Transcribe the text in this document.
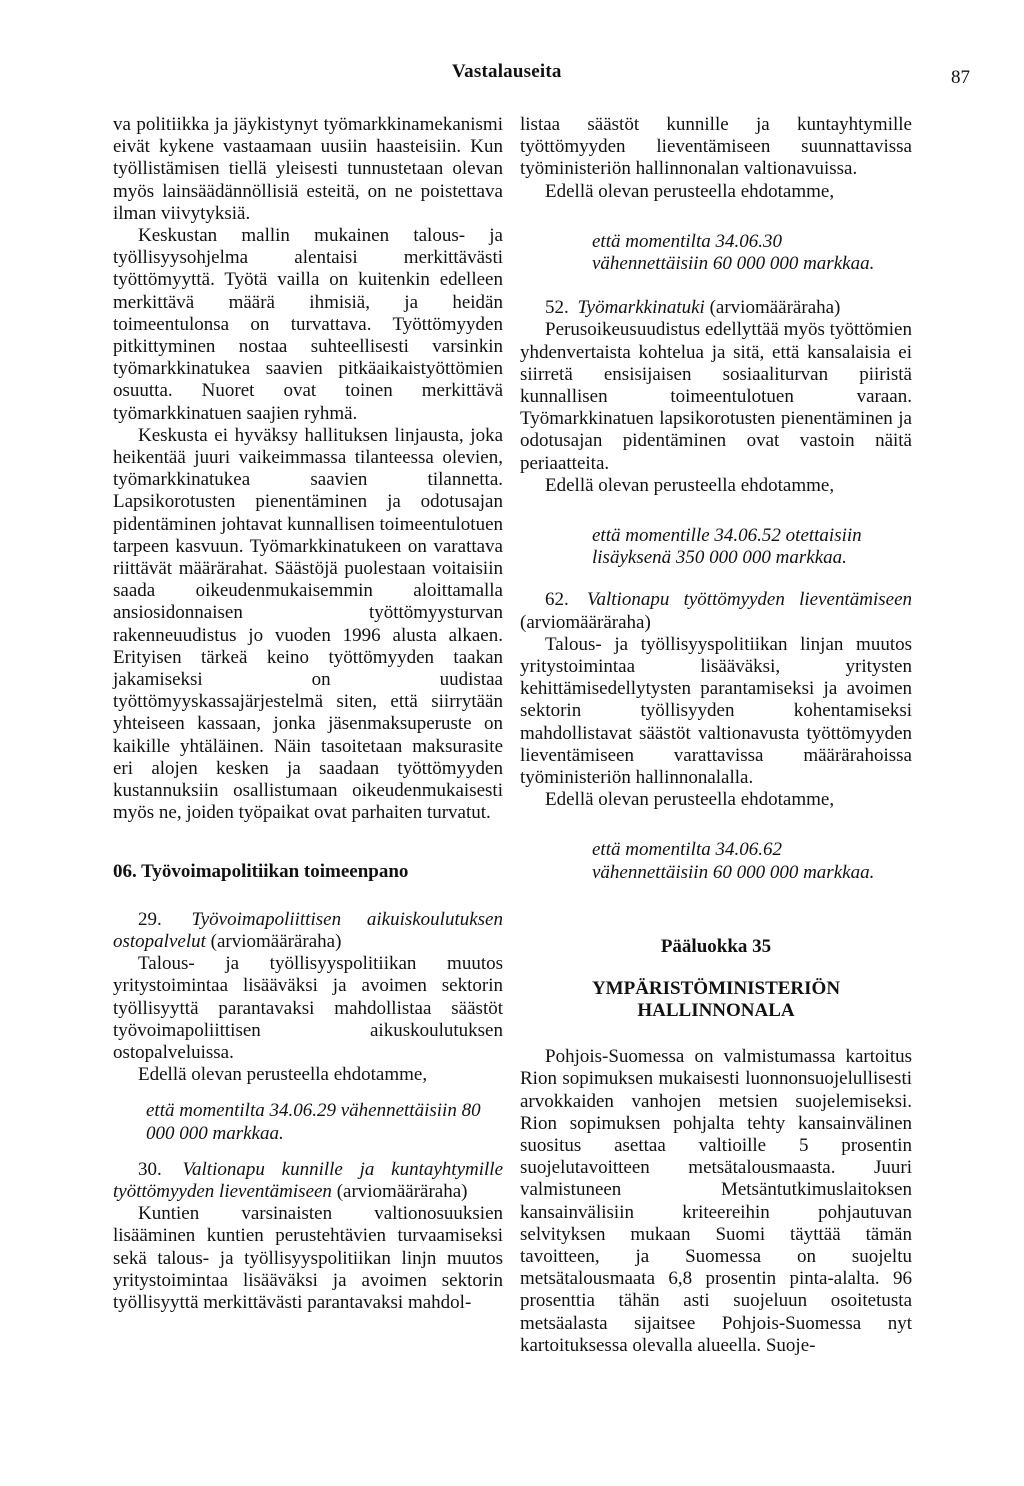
Vastalauseita	87

va politiikka ja jäykistynyt työmarkkinamekanismi eivät kykene vastaamaan uusiin haasteisiin. Kun työllistämisen tiellä yleisesti tunnustetaan olevan myös lainsäädännöllisiä esteitä, on ne poistettava ilman viivytyksiä.

Keskustan mallin mukainen talous- ja työllisyysohjelma alentaisi merkittävästi työttömyyttä. Työtä vailla on kuitenkin edelleen merkittävä määrä ihmisiä, ja heidän toimeentulonsa on turvattava. Työttömyyden pitkittyminen nostaa suhteellisesti varsinkin työmarkkinatukea saavien pitkäaikaistyöttömien osuutta. Nuoret ovat toinen merkittävä työmarkkinatuen saajien ryhmä.

Keskusta ei hyväksy hallituksen linjausta, joka heikentää juuri vaikeimmassa tilanteessa olevien, työmarkkinatukea saavien tilannetta. Lapsikorotusten pienentäminen ja odotusajan pidentäminen johtavat kunnallisen toimeentulotuen tarpeen kasvuun. Työmarkkinatukeen on varattava riittävät määrärahat. Säästöjä puolestaan voitaisiin saada oikeudenmukaisemmin aloittamalla ansiosidonnaisen työttömyysturvan rakenneuudistus jo vuoden 1996 alusta alkaen. Erityisen tärkeä keino työttömyyden taakan jakamiseksi on uudistaa työttömyyskassajärjestelmä siten, että siirrytään yhteiseen kassaan, jonka jäsenmaksuperuste on kaikille yhtäläinen. Näin tasoitetaan maksurasite eri alojen kesken ja saadaan työttömyyden kustannuksiin osallistumaan oikeudenmukaisesti myös ne, joiden työpaikat ovat parhaiten turvatut.

06. Työvoimapolitiikan toimeenpano

29. Työvoimapoliittisen aikuiskoulutuksen ostopalvelut (arviomääräraha)

Talous- ja työllisyyspolitiikan muutos yritystoimintaa lisääväksi ja avoimen sektorin työllisyyttä parantavaksi mahdollistaa säästöt työvoimapoliittisen aikuskoulutuksen ostopalveluissa.

Edellä olevan perusteella ehdotamme,

että momentilta 34.06.29 vähennettäisiin 80 000 000 markkaa.

30. Valtionapu kunnille ja kuntayhtymille työttömyyden lieventämiseen (arviomääräraha)

Kuntien varsinaisten valtionosuuksien lisääminen kuntien perustehtävien turvaamiseksi sekä talous- ja työllisyyspolitiikan linjn muutos yritystoimintaa lisääväksi ja avoimen sektorin työllisyyttä merkittävästi parantavaksi mahdol-

listaa säästöt kunnille ja kuntayhtymille työttömyyden lieventämiseen suunnattavissa työministeriön hallinnonalan valtionavuissa.

Edellä olevan perusteella ehdotamme,

että momentilta 34.06.30 vähennettäisiin 60 000 000 markkaa.

52. Työmarkkinatuki (arviomääräraha)

Perusoikeusuudistus edellyttää myös työttömien yhdenvertaista kohtelua ja sitä, että kansalaisia ei siirretä ensisijaisen sosiaaliturvan piiristä kunnallisen toimeentulotuen varaan. Työmarkkinatuen lapsikorotusten pienentäminen ja odotusajan pidentäminen ovat vastoin näitä periaatteita.

Edellä olevan perusteella ehdotamme,

että momentille 34.06.52 otettaisiin lisäyksenä 350 000 000 markkaa.

62. Valtionapu työttömyyden lieventämiseen (arviomääräraha)

Talous- ja työllisyyspolitiikan linjan muutos yritystoimintaa lisääväksi, yritysten kehittämisedellytysten parantamiseksi ja avoimen sektorin työllisyyden kohentamiseksi mahdollistavat säästöt valtionavusta työttömyyden lieventämiseen varattavissa määrärahoissa työministeriön hallinnonalalla.

Edellä olevan perusteella ehdotamme,

että momentilta 34.06.62 vähennettäisiin 60 000 000 markkaa.
Pääluokka 35
YMPÄRISTÖMINISTERIÖN HALLINNONALA

Pohjois-Suomessa on valmistumassa kartoitus Rion sopimuksen mukaisesti luonnonsuojelullisesti arvokkaiden vanhojen metsien suojelemiseksi. Rion sopimuksen pohjalta tehty kansainvälinen suositus asettaa valtioille 5 prosentin suojelutavoitteen metsätalousmaasta. Juuri valmistuneen Metsäntutkimuslaitoksen kansainvälisiin kriteereihin pohjautuvan selvityksen mukaan Suomi täyttää tämän tavoitteen, ja Suomessa on suojeltu metsätalousmaata 6,8 prosentin pinta-alalta. 96 prosenttia tähän asti suojeluun osoitetusta metsäalasta sijaitsee Pohjois-Suomessa nyt kartoituksessa olevalla alueella. Suoje-
